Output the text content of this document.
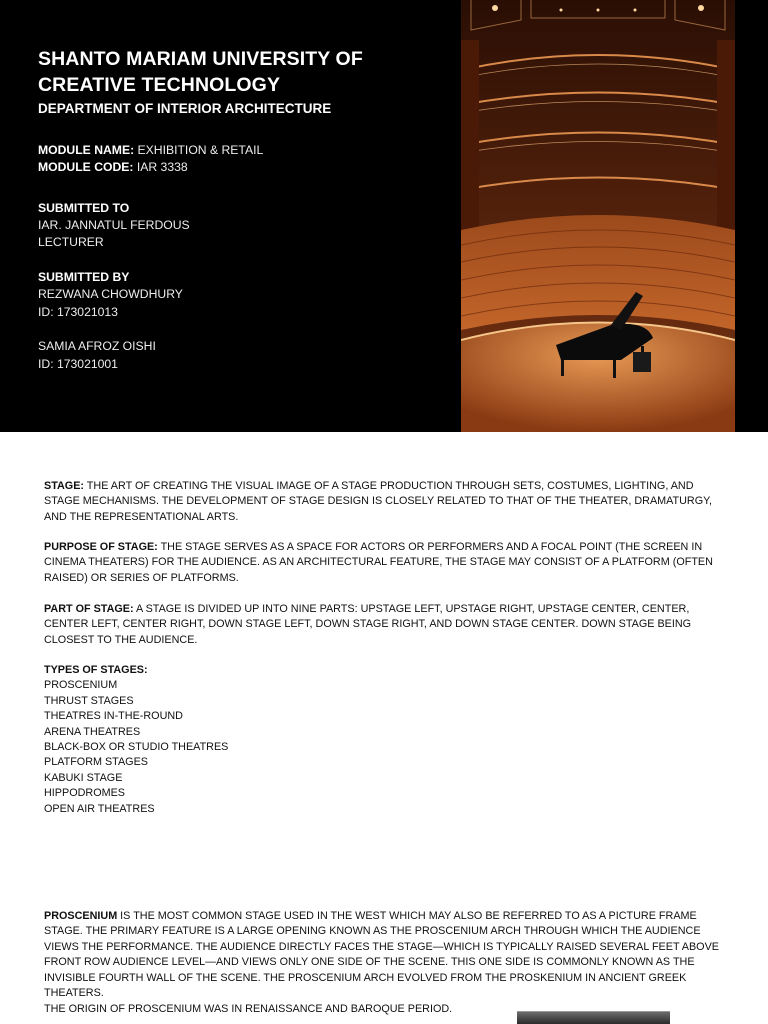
SHANTO MARIAM UNIVERSITY OF CREATIVE TECHNOLOGY
DEPARTMENT OF INTERIOR ARCHITECTURE
MODULE NAME: EXHIBITION & RETAIL
MODULE CODE: IAR 3338
SUBMITTED TO
IAR. JANNATUL FERDOUS
LECTURER
SUBMITTED BY
REZWANA CHOWDHURY
ID: 173021013
SAMIA AFROZ OISHI
ID: 173021001

STAGE: THE ART OF CREATING THE VISUAL IMAGE OF A STAGE PRODUCTION THROUGH SETS, COSTUMES, LIGHTING, AND STAGE MECHANISMS. THE DEVELOPMENT OF STAGE DESIGN IS CLOSELY RELATED TO THAT OF THE THEATER, DRAMATURGY, AND THE REPRESENTATIONAL ARTS.

PURPOSE OF STAGE: THE STAGE SERVES AS A SPACE FOR ACTORS OR PERFORMERS AND A FOCAL POINT (THE SCREEN IN CINEMA THEATERS) FOR THE AUDIENCE. AS AN ARCHITECTURAL FEATURE, THE STAGE MAY CONSIST OF A PLATFORM (OFTEN RAISED) OR SERIES OF PLATFORMS.

PART OF STAGE: A STAGE IS DIVIDED UP INTO NINE PARTS: UPSTAGE LEFT, UPSTAGE RIGHT, UPSTAGE CENTER, CENTER, CENTER LEFT, CENTER RIGHT, DOWN STAGE LEFT, DOWN STAGE RIGHT, AND DOWN STAGE CENTER. DOWN STAGE BEING CLOSEST TO THE AUDIENCE.

TYPES OF STAGES:
PROSCENIUM
THRUST STAGES
THEATRES IN-THE-ROUND
ARENA THEATRES
BLACK-BOX OR STUDIO THEATRES
PLATFORM STAGES
KABUKI STAGE
HIPPODROMES
OPEN AIR THEATRES

PROSCENIUM IS THE MOST COMMON STAGE USED IN THE WEST WHICH MAY ALSO BE REFERRED TO AS A PICTURE FRAME STAGE. THE PRIMARY FEATURE IS A LARGE OPENING KNOWN AS THE PROSCENIUM ARCH THROUGH WHICH THE AUDIENCE VIEWS THE PERFORMANCE. THE AUDIENCE DIRECTLY FACES THE STAGE—WHICH IS TYPICALLY RAISED SEVERAL FEET ABOVE FRONT ROW AUDIENCE LEVEL—AND VIEWS ONLY ONE SIDE OF THE SCENE. THIS ONE SIDE IS COMMONLY KNOWN AS THE INVISIBLE FOURTH WALL OF THE SCENE. THE PROSCENIUM ARCH EVOLVED FROM THE PROSKENIUM IN ANCIENT GREEK THEATERS.

THE ORIGIN OF PROSCENIUM WAS IN RENAISSANCE AND BAROQUE PERIOD.
